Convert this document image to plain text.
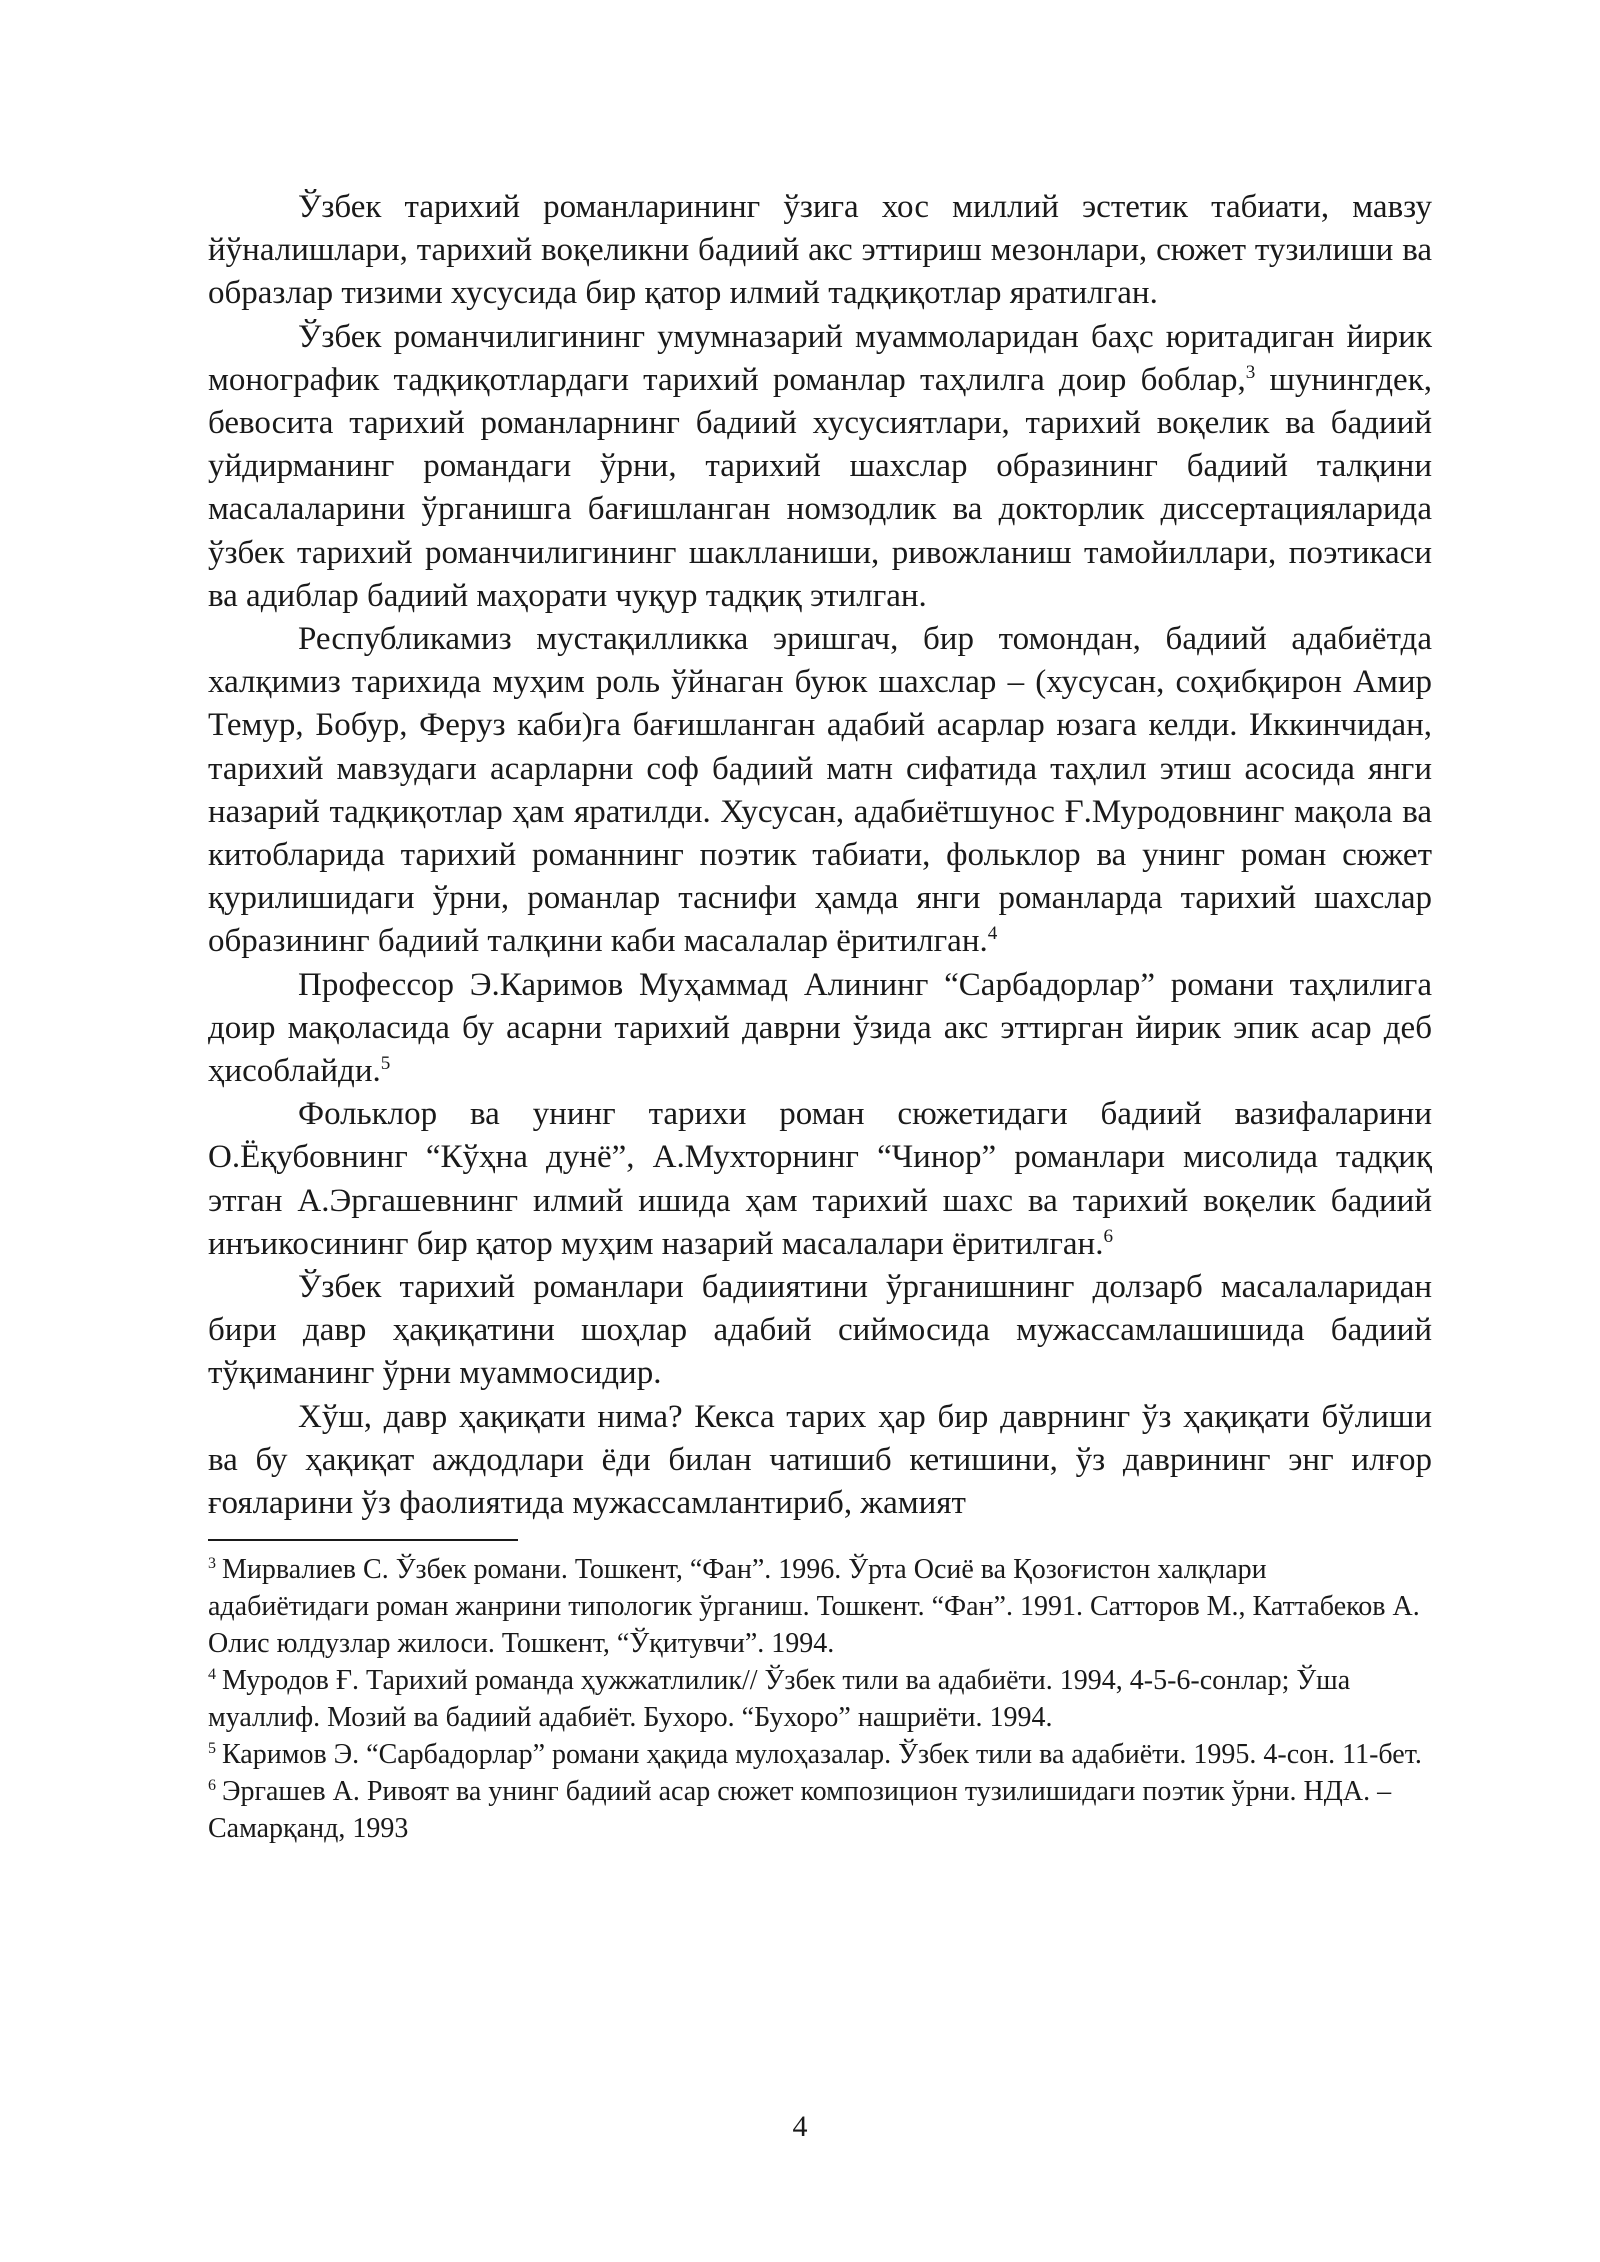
Ўзбек тарихий романларининг ўзига хос миллий эстетик табиати, мавзу йўналишлари, тарихий воқеликни бадиий акс эттириш мезонлари, сюжет тузилиши ва образлар тизими хусусида бир қатор илмий тадқиқотлар яратилган.

Ўзбек романчилигининг умумназарий муаммоларидан баҳс юритадиган йирик монографик тадқиқотлардаги тарихий романлар таҳлилга доир боблар,$^3$ шунингдек, бевосита тарихий романларнинг бадиий хусусиятлари, тарихий воқелик ва бадиий уйдирманинг романдаги ўрни, тарихий шахслар образининг бадиий талқини масалаларини ўрганишга бағишланган номзодлик ва докторлик диссертацияларида ўзбек тарихий романчилигининг шаклланиши, ривожланиш тамойиллари, поэтикаси ва адиблар бадиий маҳорати чуқур тадқиқ этилган.

Республикамиз мустақилликка эришгач, бир томондан, бадиий адабиётда халқимиз тарихида муҳим роль ўйнаган буюк шахслар – (хусусан, соҳибқирон Амир Темур, Бобур, Феруз каби)га бағишланган адабий асарлар юзага келди. Иккинчидан, тарихий мавзудаги асарларни соф бадиий матн сифатида таҳлил этиш асосида янги назарий тадқиқотлар ҳам яратилди. Хусусан, адабиётшунос Ғ.Муродовнинг мақола ва китобларида тарихий романнинг поэтик табиати, фольклор ва унинг роман сюжет қурилишидаги ўрни, романлар таснифи ҳамда янги романларда тарихий шахслар образининг бадиий талқини каби масалалар ёритилган.$^4$

Профессор Э.Каримов Муҳаммад Алининг “Сарбадорлар” романи таҳлилига доир мақоласида бу асарни тарихий даврни ўзида акс эттирган йирик эпик асар деб ҳисоблайди.$^5$

Фольклор ва унинг тарихи роман сюжетидаги бадиий вазифаларини О.Ёқубовнинг “Кўҳна дунё”, А.Мухторнинг “Чинор” романлари мисолида тадқиқ этган А.Эргашевнинг илмий ишида ҳам тарихий шахс ва тарихий воқелик бадиий инъикосининг бир қатор муҳим назарий масалалари ёритилган.$^6$

Ўзбек тарихий романлари бадииятини ўрганишнинг долзарб масалаларидан бири давр ҳақиқатини шоҳлар адабий сиймосида мужассамлашишида бадиий тўқиманинг ўрни муаммосидир.

Хўш, давр ҳақиқати нима? Кекса тарих ҳар бир даврнинг ўз ҳақиқати бўлиши ва бу ҳақиқат аждодлари ёди билан чатишиб кетишини, ўз даврининг энг илғор ғояларини ўз фаолиятида мужассамлантириб, жамият

$^3$ Мирвалиев С. Ўзбек романи. Тошкент, “Фан”. 1996. Ўрта Осиё ва Қозоғистон халқлари адабиётидаги роман жанрини типологик ўрганиш. Тошкент. “Фан”. 1991. Сатторов М., Каттабеков А. Олис юлдузлар жилоси. Тошкент, “Ўқитувчи”. 1994.

$^4$ Муродов Ғ. Тарихий романда ҳужжатлилик// Ўзбек тили ва адабиёти. 1994, 4-5-6-сонлар; Ўша муаллиф. Мозий ва бадиий адабиёт. Бухоро. “Бухоро” нашриёти. 1994.

$^5$ Каримов Э. “Сарбадорлар” романи ҳақида мулоҳазалар. Ўзбек тили ва адабиёти. 1995. 4-сон. 11-бет.

$^6$ Эргашев А. Ривоят ва унинг бадиий асар сюжет композицион тузилишидаги поэтик ўрни. НДА. – Самарқанд, 1993

4
